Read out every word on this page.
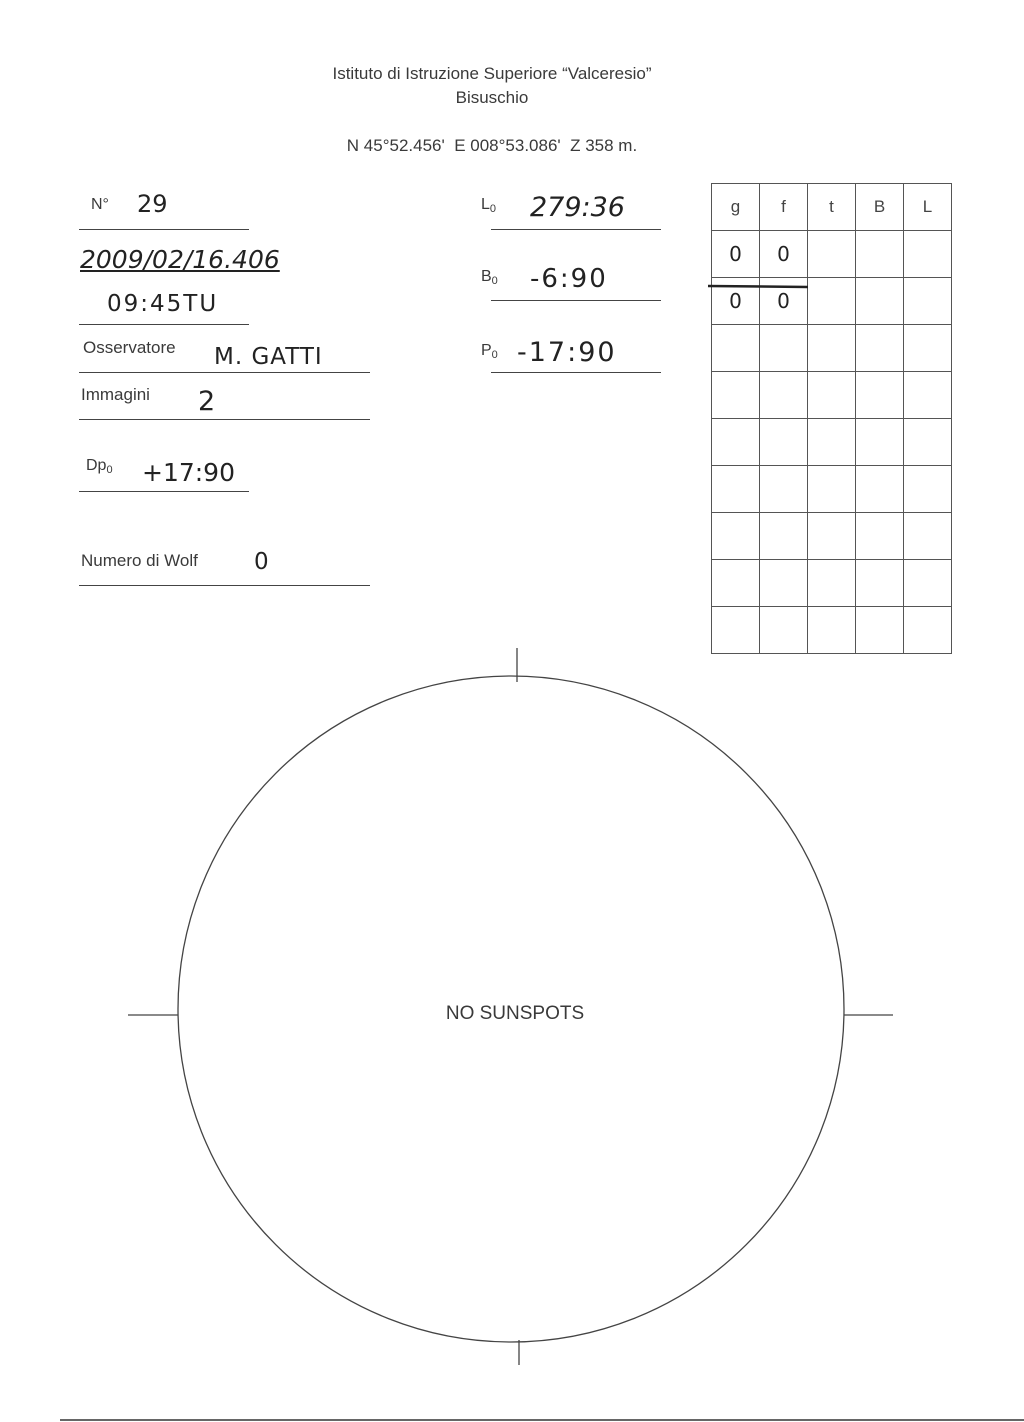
Istituto di Istruzione Superiore “Valceresio”
Bisuschio
N 45°52.456'  E 008°53.086'  Z 358 m.
N° 29
2009/02/16.406
09:45TU
Osservatore M. GATTI
Immagini 2
$Dp_0$ +17:90
Numero di Wolf 0
$L_0$ 279:36
$B_0$ -6:90
$P_0$ -17:90
g	f	t	B	L
0	0			
0	0			

NO SUNSPOTS
